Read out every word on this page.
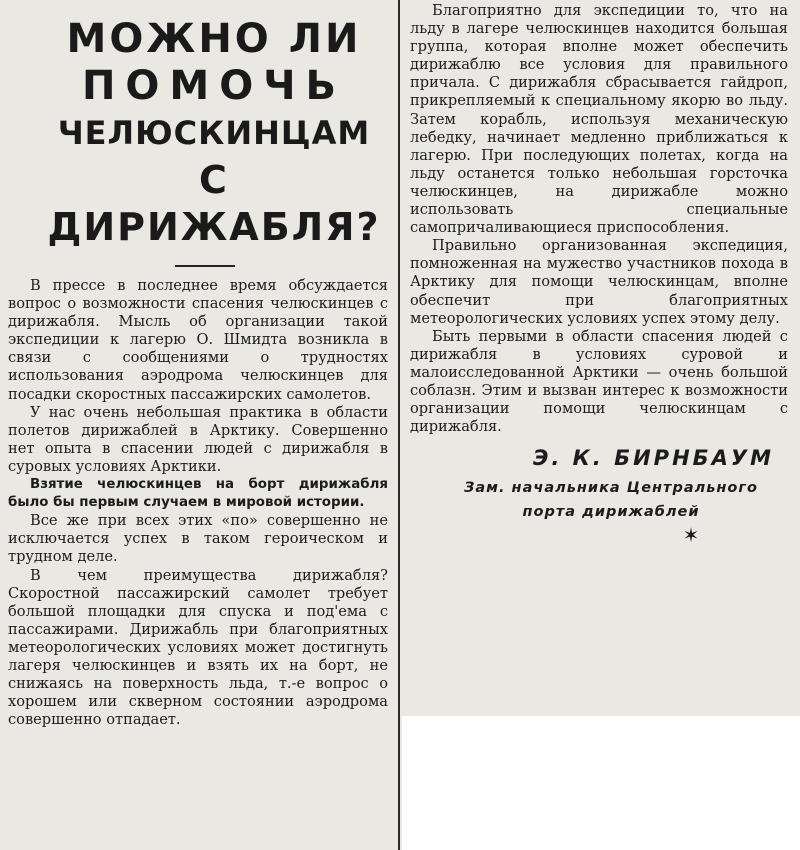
МОЖНО ЛИ
ПОМОЧЬ
ЧЕЛЮСКИНЦАМ
С ДИРИЖАБЛЯ?

В прессе в последнее время обсуждается вопрос о возможности спасения челюскинцев с дирижабля. Мысль об организации такой экспедиции к лагерю О. Шмидта возникла в связи с сообщениями о трудностях использования аэродрома челюскинцев для посадки скоростных пассажирских самолетов.

У нас очень небольшая практика в области полетов дирижаблей в Арктику. Совершенно нет опыта в спасении людей с дирижабля в суровых условиях Арктики.

Взятие челюскинцев на борт дирижабля было бы первым случаем в мировой истории.

Все же при всех этих «по» совершенно не исключается успех в таком героическом и трудном деле.

В чем преимущества дирижабля? Скоростной пассажирский самолет требует большой площадки для спуска и под'ема с пассажирами. Дирижабль при благоприятных метеорологических условиях может достигнуть лагеря челюскинцев и взять их на борт, не снижаясь на поверхность льда, т.-е вопрос о хорошем или скверном состоянии аэродрома совершенно отпадает.

Благоприятно для экспедиции то, что на льду в лагере челюскинцев находится большая группа, которая вполне может обеспечить дирижаблю все условия для правильного причала. С дирижабля сбрасывается гайдроп, прикрепляемый к специальному якорю во льду. Затем корабль, используя механическую лебедку, начинает медленно приближаться к лагерю. При последующих полетах, когда на льду останется только небольшая горсточка челюскинцев, на дирижабле можно использовать специальные самопричаливающиеся приспособления.

Правильно организованная экспедиция, помноженная на мужество участников похода в Арктику для помощи челюскинцам, вполне обеспечит при благоприятных метеорологических условиях успех этому делу.

Быть первыми в области спасения людей с дирижабля в условиях суровой и малоисследованной Арктики — очень большой соблазн. Этим и вызван интерес к возможности организации помощи челюскинцам с дирижабля.

Э. К. БИРНБАУМ
Зам. начальника Центрального порта дирижаблей
✶
